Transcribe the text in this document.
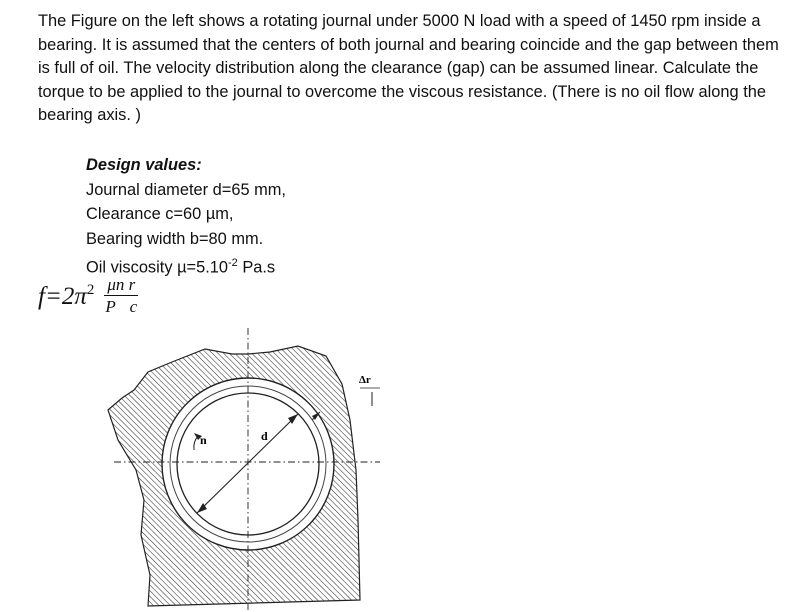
The Figure on the left shows a rotating journal under 5000 N load with a speed of 1450 rpm inside a bearing. It is assumed that the centers of both journal and bearing coincide and the gap between them is full of oil. The velocity distribution along the clearance (gap) can be assumed linear. Calculate the torque to be applied to the journal to overcome the viscous resistance. (There is no oil flow along the bearing axis. )

Design values:
Journal diameter d=65 mm,
Clearance c=60 µm,
Bearing width b=80 mm.
Oil viscosity $\mu=5.10^{-2}$ Pa.s
$f=2\pi^2 \frac{\text{μn r}}{\text{P c}}$
n	d
Δr
